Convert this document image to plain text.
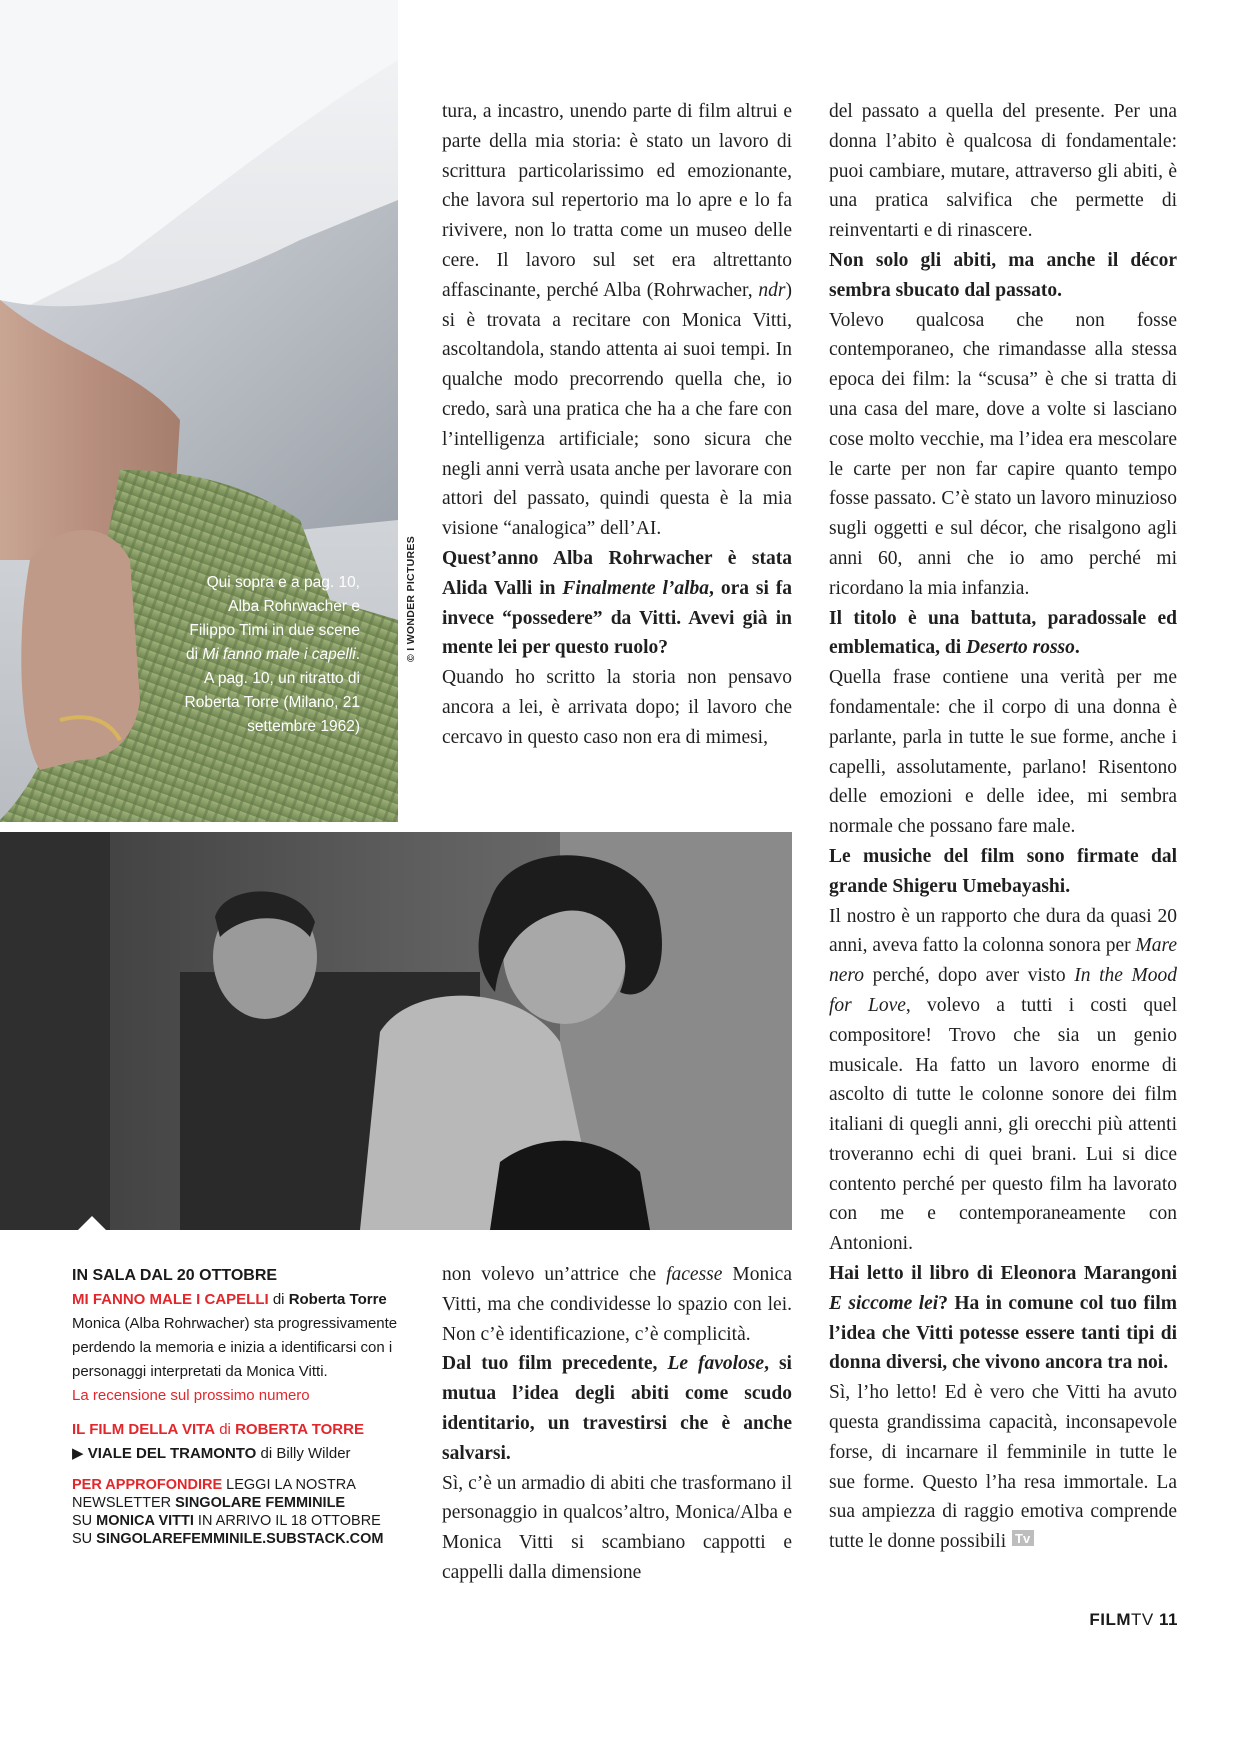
Qui sopra e a pag. 10, Alba Rohrwacher e Filippo Timi in due scene di Mi fanno male i capelli. A pag. 10, un ritratto di Roberta Torre (Milano, 21 settembre 1962)
© I WONDER PICTURES

tura, a incastro, unendo parte di film altrui e parte della mia storia: è stato un lavoro di scrittura particolarissimo ed emozionante, che lavora sul repertorio ma lo apre e lo fa rivivere, non lo tratta come un museo delle cere. Il lavoro sul set era altrettanto affascinante, perché Alba (Rohrwacher, ndr) si è trovata a recitare con Monica Vitti, ascoltandola, stando attenta ai suoi tempi. In qualche modo precorrendo quella che, io credo, sarà una pratica che ha a che fare con l’intelligenza artificiale; sono sicura che negli anni verrà usata anche per lavorare con attori del passato, quindi questa è la mia visione “analogica” dell’AI.

Quest’anno Alba Rohrwacher è stata Alida Valli in Finalmente l’alba, ora si fa invece “possedere” da Vitti. Avevi già in mente lei per questo ruolo?

Quando ho scritto la storia non pensavo ancora a lei, è arrivata dopo; il lavoro che cercavo in questo caso non era di mimesi,

non volevo un’attrice che facesse Monica Vitti, ma che condividesse lo spazio con lei. Non c’è identificazione, c’è complicità.

Dal tuo film precedente, Le favolose, si mutua l’idea degli abiti come scudo identitario, un travestirsi che è anche salvarsi.

Sì, c’è un armadio di abiti che trasformano il personaggio in qualcos’altro, Monica/Alba e Monica Vitti si scambiano cappotti e cappelli dalla dimensione

del passato a quella del presente. Per una donna l’abito è qualcosa di fondamentale: puoi cambiare, mutare, attraverso gli abiti, è una pratica salvifica che permette di reinventarti e di rinascere.

Non solo gli abiti, ma anche il décor sembra sbucato dal passato.

Volevo qualcosa che non fosse contemporaneo, che rimandasse alla stessa epoca dei film: la “scusa” è che si tratta di una casa del mare, dove a volte si lasciano cose molto vecchie, ma l’idea era mescolare le carte per non far capire quanto tempo fosse passato. C’è stato un lavoro minuzioso sugli oggetti e sul décor, che risalgono agli anni 60, anni che io amo perché mi ricordano la mia infanzia.

Il titolo è una battuta, paradossale ed emblematica, di Deserto rosso.

Quella frase contiene una verità per me fondamentale: che il corpo di una donna è parlante, parla in tutte le sue forme, anche i capelli, assolutamente, parlano! Risentono delle emozioni e delle idee, mi sembra normale che possano fare male.

Le musiche del film sono firmate dal grande Shigeru Umebayashi.

Il nostro è un rapporto che dura da quasi 20 anni, aveva fatto la colonna sonora per Mare nero perché, dopo aver visto In the Mood for Love, volevo a tutti i costi quel compositore! Trovo che sia un genio musicale. Ha fatto un lavoro enorme di ascolto di tutte le colonne sonore dei film italiani di quegli anni, gli orecchi più attenti troveranno echi di quei brani. Lui si dice contento perché per questo film ha lavorato con me e contemporaneamente con Antonioni.

Hai letto il libro di Eleonora Marangoni E siccome lei? Ha in comune col tuo film l’idea che Vitti potesse essere tanti tipi di donna diversi, che vivono ancora tra noi.

Sì, l’ho letto! Ed è vero che Vitti ha avuto questa grandissima capacità, inconsapevole forse, di incarnare il femminile in tutte le sue forme. Questo l’ha resa immortale. La sua ampiezza di raggio emotiva comprende tutte le donne possibili Tv

IN SALA DAL 20 OTTOBRE
MI FANNO MALE I CAPELLI di Roberta Torre
Monica (Alba Rohrwacher) sta progressivamente perdendo la memoria e inizia a identificarsi con i personaggi interpretati da Monica Vitti.
La recensione sul prossimo numero
IL FILM DELLA VITA di ROBERTA TORRE
▶ VIALE DEL TRAMONTO di Billy Wilder
PER APPROFONDIRE LEGGI LA NOSTRA
NEWSLETTER SINGOLARE FEMMINILE
SU MONICA VITTI IN ARRIVO IL 18 OTTOBRE
SU SINGOLAREFEMMINILE.SUBSTACK.COM
FILMTV 11
